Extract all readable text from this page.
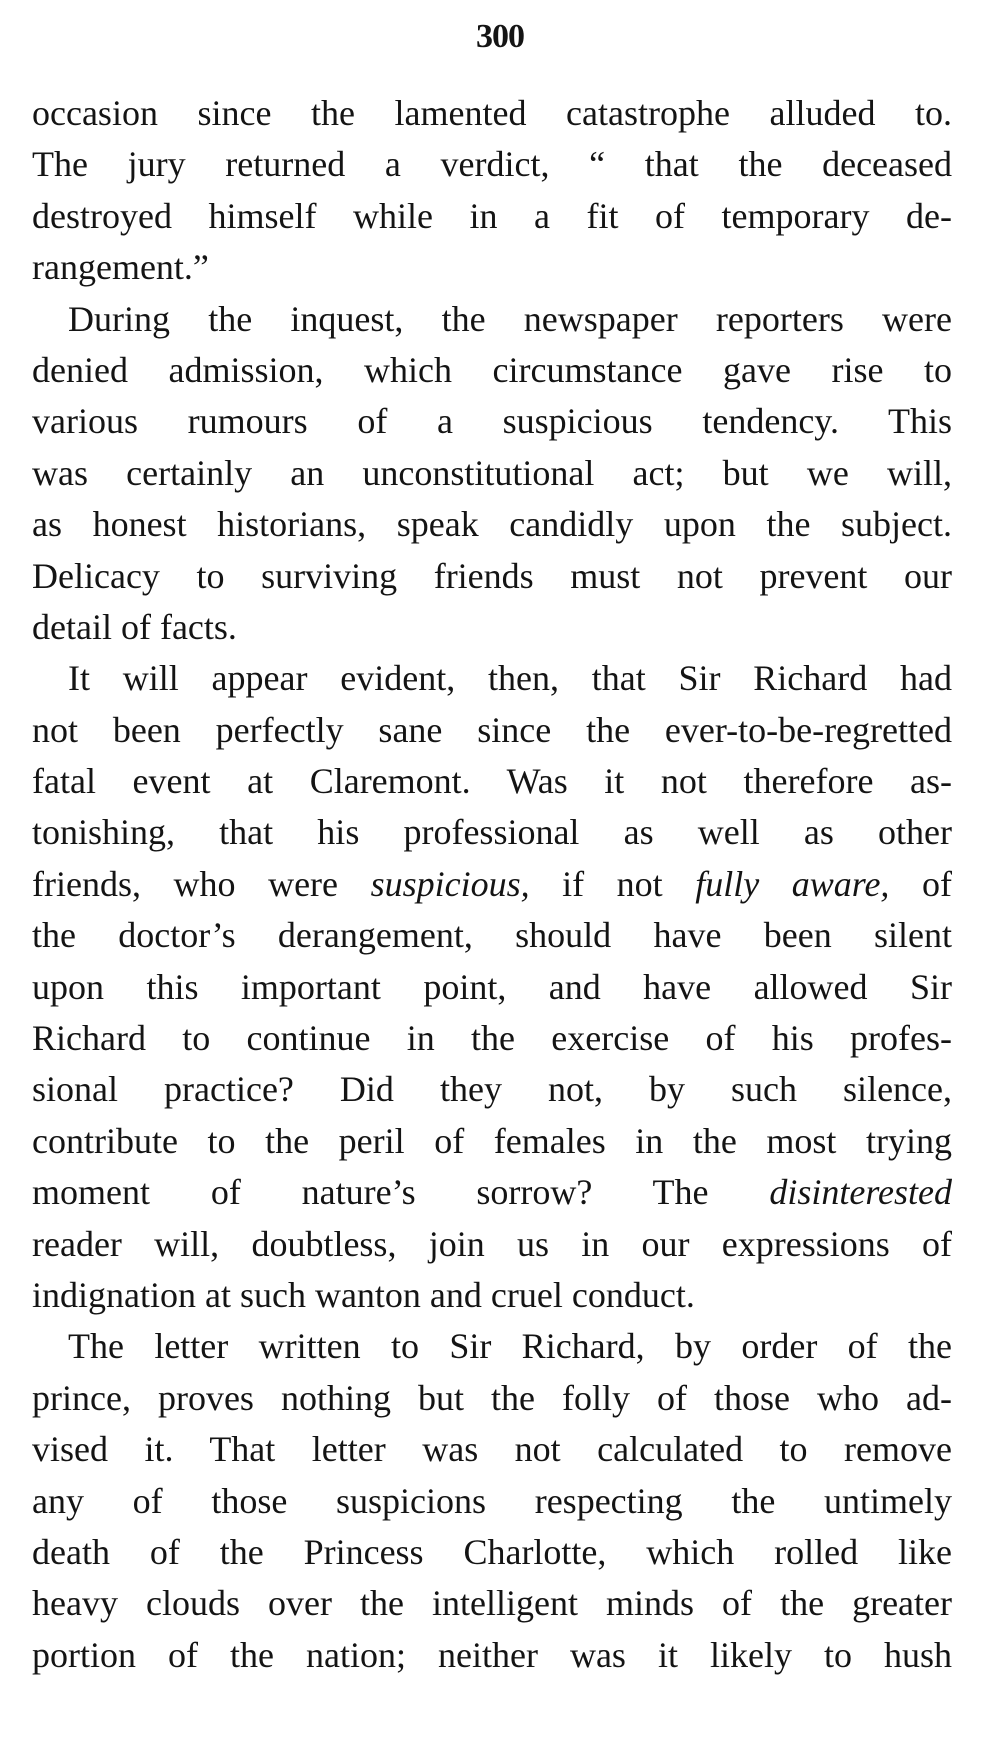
300
occasion since the lamented catastrophe alluded to.
The jury returned a verdict, “ that the deceased
destroyed himself while in a fit of temporary de-
rangement.”
During the inquest, the newspaper reporters were
denied admission, which circumstance gave rise to
various rumours of a suspicious tendency. This
was certainly an unconstitutional act; but we will,
as honest historians, speak candidly upon the subject.
Delicacy to surviving friends must not prevent our
detail of facts.
It will appear evident, then, that Sir Richard had
not been perfectly sane since the ever-to-be-regretted
fatal event at Claremont. Was it not therefore as-
tonishing, that his professional as well as other
friends, who were suspicious, if not fully aware, of
the doctor’s derangement, should have been silent
upon this important point, and have allowed Sir
Richard to continue in the exercise of his profes-
sional practice? Did they not, by such silence,
contribute to the peril of females in the most trying
moment of nature’s sorrow? The disinterested
reader will, doubtless, join us in our expressions of
indignation at such wanton and cruel conduct.
The letter written to Sir Richard, by order of the
prince, proves nothing but the folly of those who ad-
vised it. That letter was not calculated to remove
any of those suspicions respecting the untimely
death of the Princess Charlotte, which rolled like
heavy clouds over the intelligent minds of the greater
portion of the nation; neither was it likely to hush
